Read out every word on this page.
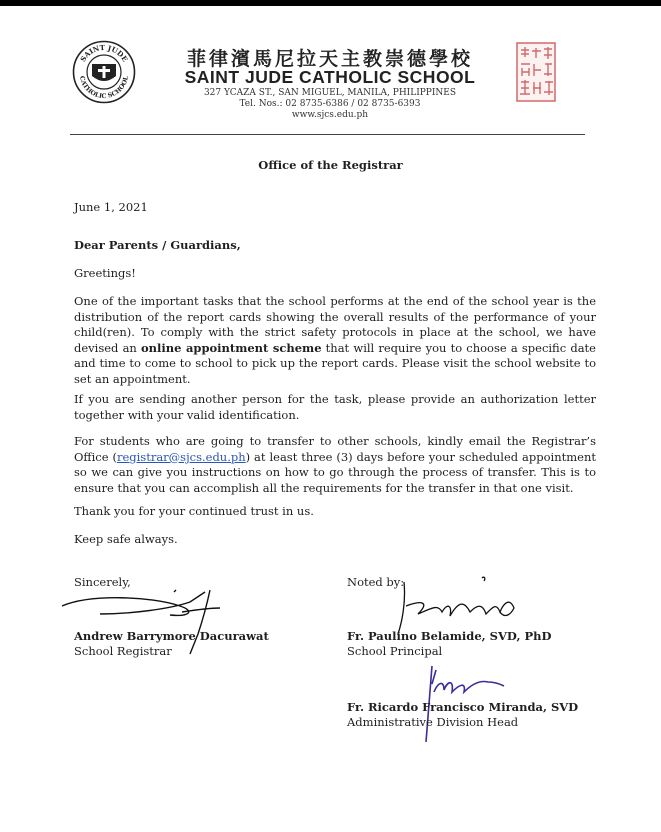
SAINT JUDE
CATHOLIC SCHOOL
菲律濱馬尼拉天主教崇德學校
SAINT JUDE CATHOLIC SCHOOL
327 YCAZA ST., SAN MIGUEL, MANILA, PHILIPPINES
Tel. Nos.: 02 8735-6386 / 02 8735-6393
www.sjcs.edu.ph
Office of the Registrar
June 1, 2021
Dear Parents / Guardians,
Greetings!
One of the important tasks that the school performs at the end of the school year is the distribution of the report cards showing the overall results of the performance of your child(ren). To comply with the strict safety protocols in place at the school, we have devised an online appointment scheme that will require you to choose a specific date and time to come to school to pick up the report cards. Please visit the school website to set an appointment.
If you are sending another person for the task, please provide an authorization letter together with your valid identification.
For students who are going to transfer to other schools, kindly email the Registrar’s Office (registrar@sjcs.edu.ph) at least three (3) days before your scheduled appointment so we can give you instructions on how to go through the process of transfer. This is to ensure that you can accomplish all the requirements for the transfer in that one visit.
Thank you for your continued trust in us.
Keep safe always.
Sincerely,	Noted by:
Andrew Barrymore Dacurawat
School Registrar
Fr. Paulino Belamide, SVD, PhD
School Principal
Fr. Ricardo Francisco Miranda, SVD
Administrative Division Head
